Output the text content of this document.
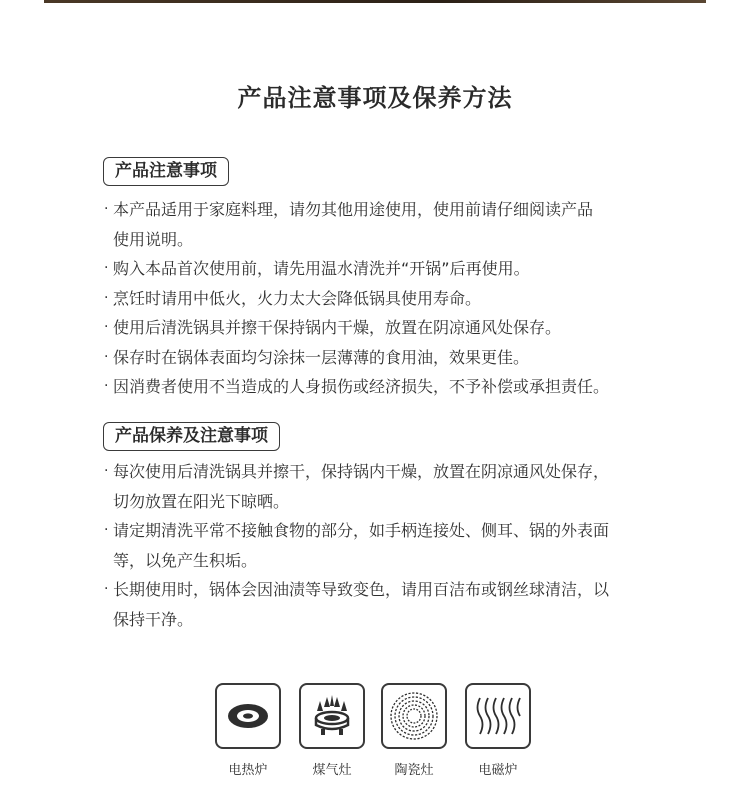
产品注意事项及保养方法
产品注意事项
· 本产品适用于家庭料理，请勿其他用途使用，使用前请仔细阅读产品
使用说明。
· 购入本品首次使用前，请先用温水清洗并“开锅”后再使用。
· 烹饪时请用中低火，火力太大会降低锅具使用寿命。
· 使用后清洗锅具并擦干保持锅内干燥，放置在阴凉通风处保存。
· 保存时在锅体表面均匀涂抹一层薄薄的食用油，效果更佳。
· 因消费者使用不当造成的人身损伤或经济损失，不予补偿或承担责任。
产品保养及注意事项
· 每次使用后清洗锅具并擦干，保持锅内干燥，放置在阴凉通风处保存，
切勿放置在阳光下晾晒。
· 请定期清洗平常不接触食物的部分，如手柄连接处、侧耳、锅的外表面
等，以免产生积垢。
· 长期使用时，锅体会因油渍等导致变色，请用百洁布或钢丝球清洁，以
保持干净。
电热炉	煤气灶	陶瓷灶	电磁炉
